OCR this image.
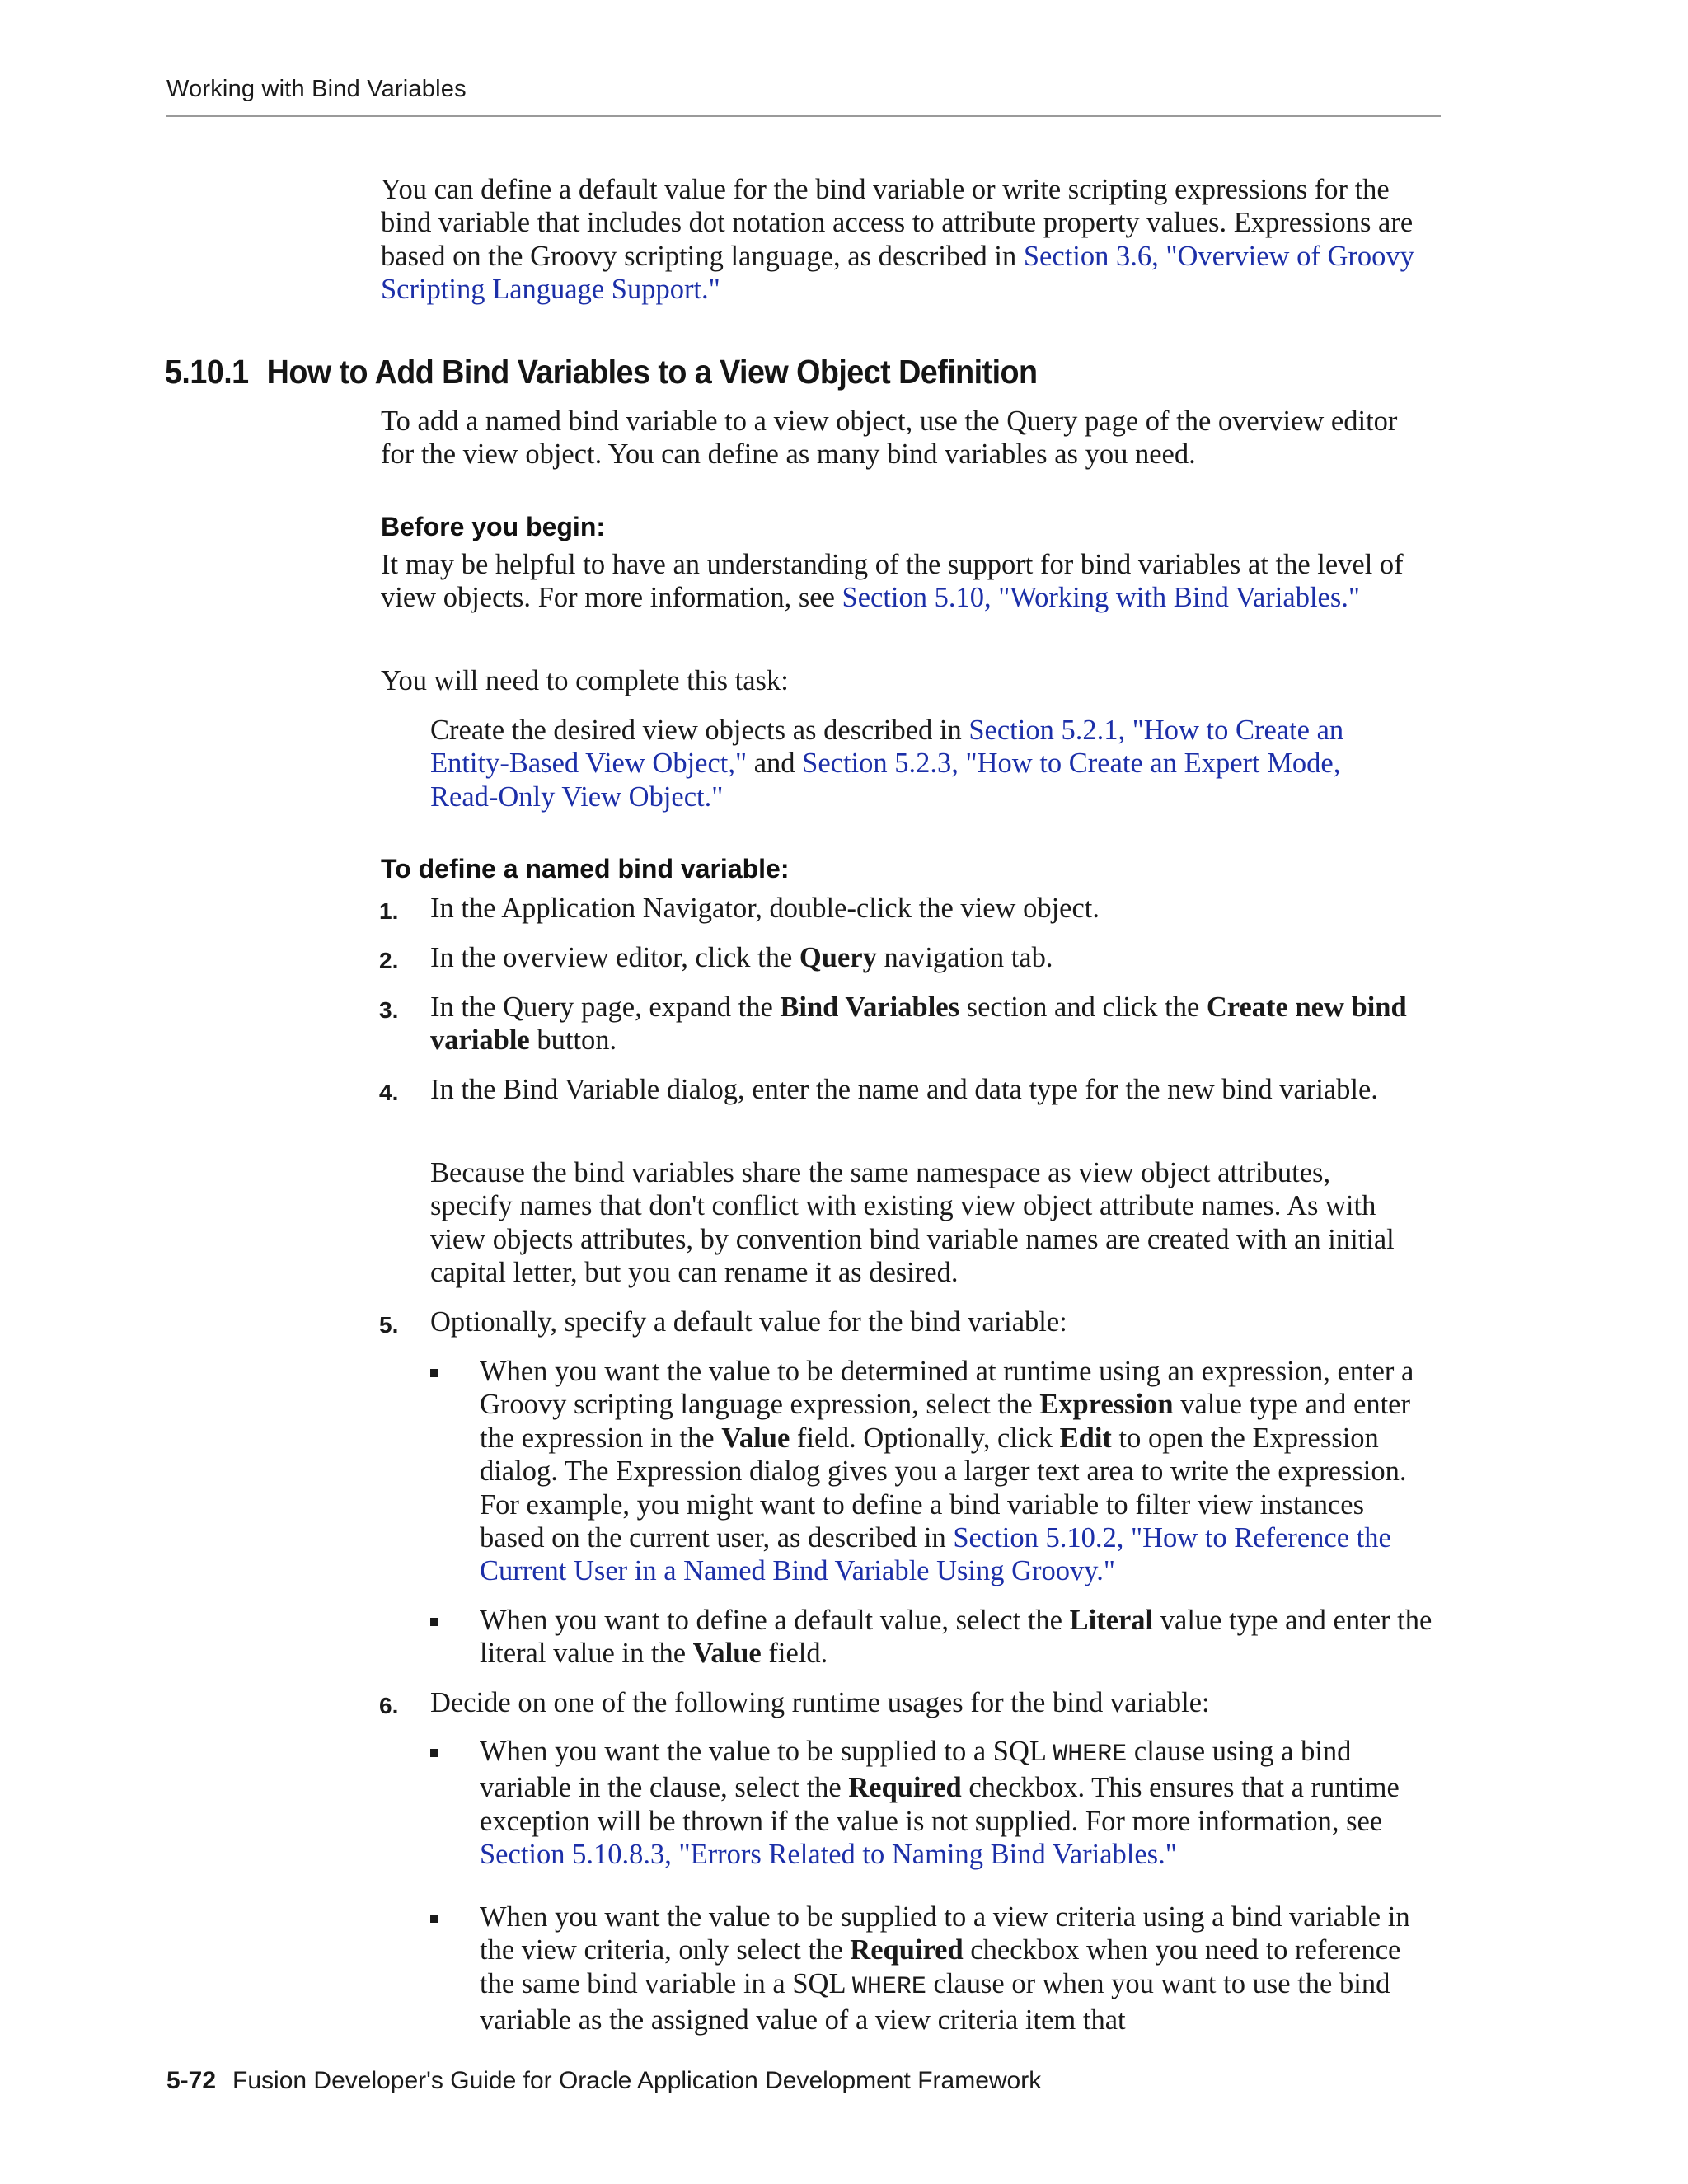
Working with Bind Variables
You can define a default value for the bind variable or write scripting expressions for the bind variable that includes dot notation access to attribute property values. Expressions are based on the Groovy scripting language, as described in Section 3.6, "Overview of Groovy Scripting Language Support."
5.10.1 How to Add Bind Variables to a View Object Definition
To add a named bind variable to a view object, use the Query page of the overview editor for the view object. You can define as many bind variables as you need.
Before you begin:
It may be helpful to have an understanding of the support for bind variables at the level of view objects. For more information, see Section 5.10, "Working with Bind Variables."
You will need to complete this task:
Create the desired view objects as described in Section 5.2.1, "How to Create an Entity-Based View Object," and Section 5.2.3, "How to Create an Expert Mode, Read-Only View Object."
To define a named bind variable:
1. In the Application Navigator, double-click the view object.
2. In the overview editor, click the Query navigation tab.
3. In the Query page, expand the Bind Variables section and click the Create new bind variable button.
4. In the Bind Variable dialog, enter the name and data type for the new bind variable.
Because the bind variables share the same namespace as view object attributes, specify names that don't conflict with existing view object attribute names. As with view objects attributes, by convention bind variable names are created with an initial capital letter, but you can rename it as desired.
5. Optionally, specify a default value for the bind variable:
When you want the value to be determined at runtime using an expression, enter a Groovy scripting language expression, select the Expression value type and enter the expression in the Value field. Optionally, click Edit to open the Expression dialog. The Expression dialog gives you a larger text area to write the expression. For example, you might want to define a bind variable to filter view instances based on the current user, as described in Section 5.10.2, "How to Reference the Current User in a Named Bind Variable Using Groovy."
When you want to define a default value, select the Literal value type and enter the literal value in the Value field.
6. Decide on one of the following runtime usages for the bind variable:
When you want the value to be supplied to a SQL WHERE clause using a bind variable in the clause, select the Required checkbox. This ensures that a runtime exception will be thrown if the value is not supplied. For more information, see Section 5.10.8.3, "Errors Related to Naming Bind Variables."
When you want the value to be supplied to a view criteria using a bind variable in the view criteria, only select the Required checkbox when you need to reference the same bind variable in a SQL WHERE clause or when you want to use the bind variable as the assigned value of a view criteria item that
5-72 Fusion Developer's Guide for Oracle Application Development Framework
